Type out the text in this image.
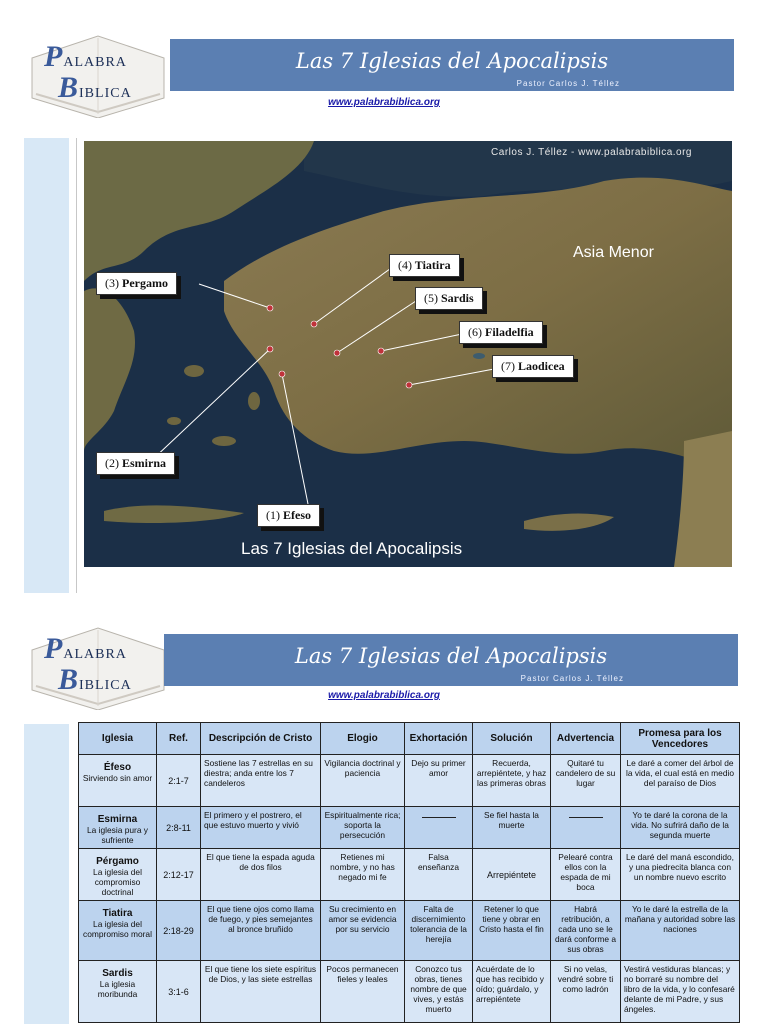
PALABRA
BIBLICA
Las 7 Iglesias del Apocalipsis
Pastor Carlos J. Téllez
www.palabrabiblica.org
Carlos J. Téllez - www.palabrabiblica.org
Asia Menor
Las 7 Iglesias del Apocalipsis
(1) Efeso
(2) Esmirna
(3) Pergamo
(4) Tiatira
(5) Sardis
(6) Filadelfia
(7) Laodicea
PALABRA
BIBLICA
Las 7 Iglesias del Apocalipsis
Pastor Carlos J. Téllez
www.palabrabiblica.org
Iglesia	Ref.	Descripción de Cristo	Elogio	Exhortación	Solución	Advertencia	Promesa para los Vencedores

Éfeso
Sirviendo sin amor	2:1-7	Sostiene las 7 estrellas en su diestra; anda entre los 7 candeleros	Vigilancia doctrinal y paciencia	Dejo su primer amor	Recuerda, arrepiéntete, y haz las primeras obras	Quitaré tu candelero de su lugar	Le daré a comer del árbol de la vida, el cual está en medio del paraíso de Dios

Esmirna
La iglesia pura y sufriente	2:8-11	El primero y el postrero, el que estuvo muerto y vivió	Espiritualmente rica; soporta la persecución		Se fiel hasta la muerte		Yo te daré la corona de la vida. No sufrirá daño de la segunda muerte

Pérgamo
La iglesia del compromiso doctrinal	2:12-17	El que tiene la espada aguda de dos filos	Retienes mi nombre, y no has negado mi fe	Falsa enseñanza	Arrepiéntete	Pelearé contra ellos con la espada de mi boca	Le daré del maná escondido, y una piedrecita blanca con un nombre nuevo escrito

Tiatira
La iglesia del compromiso moral	2:18-29	El que tiene ojos como llama de fuego, y pies semejantes al bronce bruñido	Su crecimiento en amor se evidencia por su servicio	Falta de discernimiento tolerancia de la herejía	Retener lo que tiene y obrar en Cristo hasta el fin	Habrá retribución, a cada uno se le dará conforme a sus obras	Yo le daré la estrella de la mañana y autoridad sobre las naciones

Sardis
La iglesia moribunda	3:1-6	El que tiene los siete espíritus de Dios, y las siete estrellas	Pocos permanecen fieles y leales	Conozco tus obras, tienes nombre de que vives, y estás muerto	Acuérdate de lo que has recibido y oído; guárdalo, y arrepiéntete	Si no velas, vendré sobre ti como ladrón	Vestirá vestiduras blancas; y no borraré su nombre del libro de la vida, y lo confesaré delante de mi Padre, y sus ángeles.
